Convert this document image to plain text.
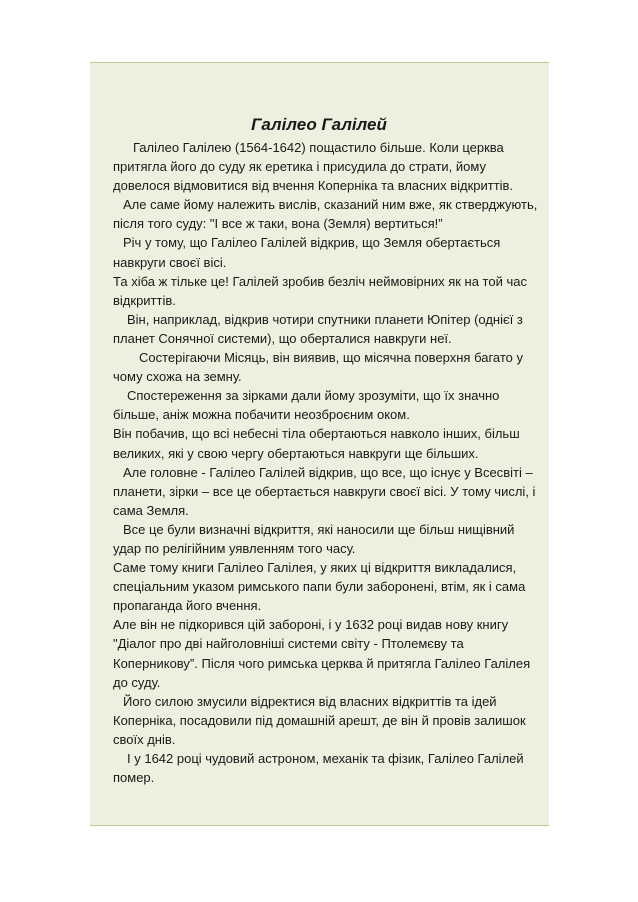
Галілео Галілей
Галілео Галілею (1564-1642) пощастило більше. Коли церква
притягла його до суду як еретика і присудила до страти, йому
довелося відмовитися від вчення Коперніка та власних відкриттів.
Але саме йому належить вислів, сказаний ним вже, як стверджують,
після того суду: "І все ж таки, вона (Земля) вертиться!”
Річ у тому, що Галілео Галілей відкрив, що Земля обертається
навкруги своєї вісі.
Та хіба ж тільке це! Галілей зробив безліч неймовірних як на той час
відкриттів.
Він, наприклад, відкрив чотири спутники планети Юпітер (однієї з
планет Сонячної системи), що оберталися навкруги неї.
Состерігаючи Місяць, він виявив, що місячна поверхня багато у
чому схожа на земну.
Спостереження за зірками дали йому зрозуміти, що їх значно
більше, аніж можна побачити неозброєним оком.
Він побачив, що всі небесні тіла обертаються навколо інших, більш
великих, які у свою чергу обертаються навкруги ще більших.
Але головне - Галілео Галілей відкрив, що все, що існує у Всесвіті –
планети, зірки – все це обертається навкруги своєї вісі. У тому числі, і
сама Земля.
Все це були визначні відкриття, які наносили ще більш нищівний
удар по релігійним уявленням того часу.
Саме тому книги Галілео Галілея, у яких ці відкриття викладалися,
спеціальним указом римського папи були заборонені, втім, як і сама
пропаганда його вчення.
Але він не підкорився цій забороні, і у 1632 році видав нову книгу
"Діалог про дві найголовніші системи світу - Птолемєву та
Коперникову”. Після чого римська церква й притягла Галілео Галілея
до суду.
Його силою змусили відректися від власних відкриттів та ідей
Коперніка, посадовили під домашній арешт, де він й провів залишок
своїх днів.
І у 1642 році чудовий астроном, механік та фізик, Галілео Галілей
помер.
